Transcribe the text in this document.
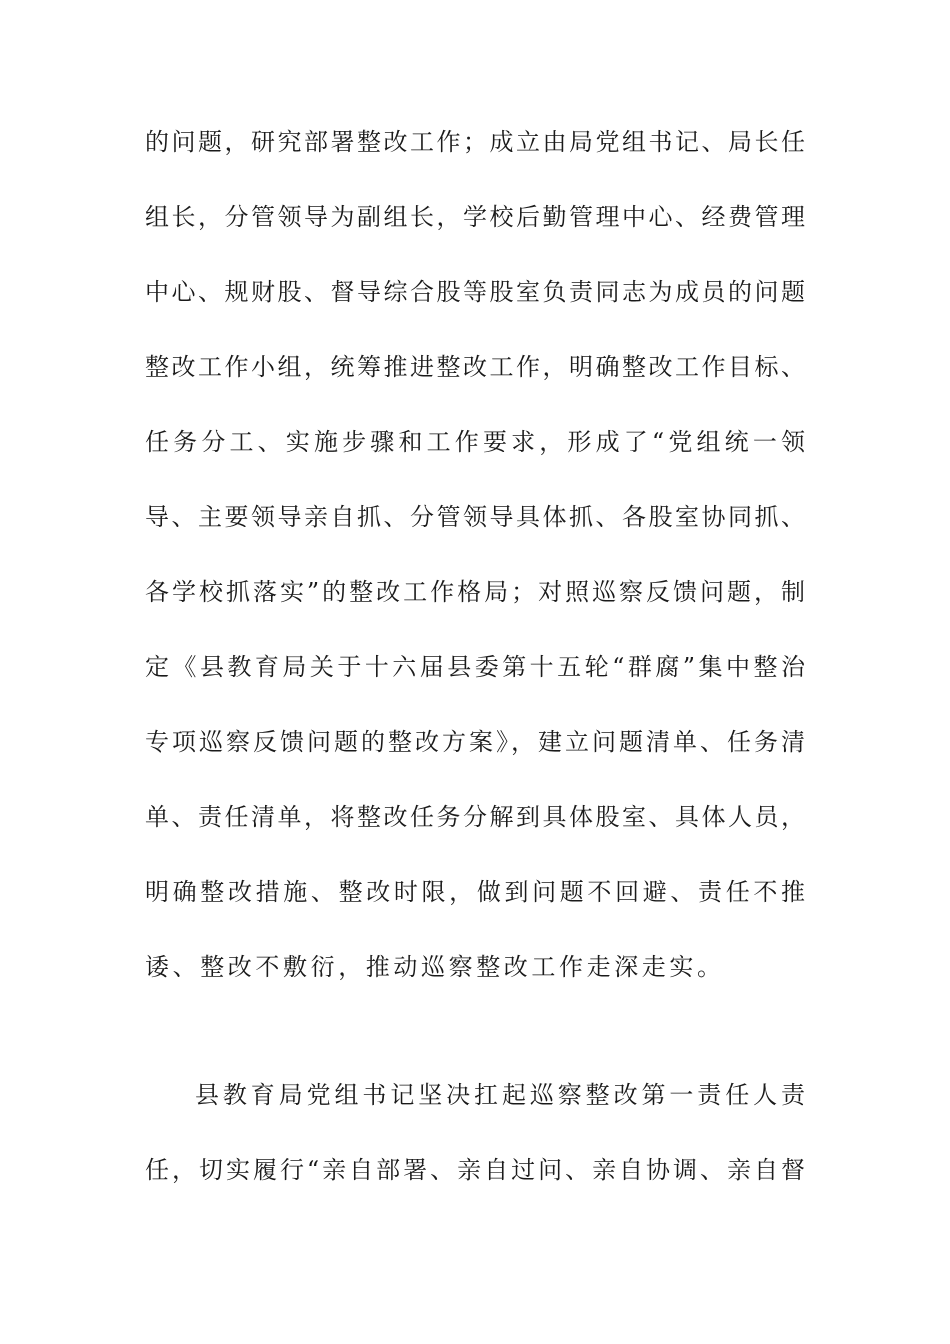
的问题，研究部署整改工作；成立由局党组书记、局长任
组长，分管领导为副组长，学校后勤管理中心、经费管理
中心、规财股、督导综合股等股室负责同志为成员的问题
整改工作小组，统筹推进整改工作，明确整改工作目标、
任务分工、实施步骤和工作要求，形成了“党组统一领
导、主要领导亲自抓、分管领导具体抓、各股室协同抓、
各学校抓落实”的整改工作格局；对照巡察反馈问题，制
定《县教育局关于十六届县委第十五轮“群腐”集中整治
专项巡察反馈问题的整改方案》，建立问题清单、任务清
单、责任清单，将整改任务分解到具体股室、具体人员，
明确整改措施、整改时限，做到问题不回避、责任不推
诿、整改不敷衍，推动巡察整改工作走深走实。
县教育局党组书记坚决扛起巡察整改第一责任人责
任，切实履行“亲自部署、亲自过问、亲自协调、亲自督
